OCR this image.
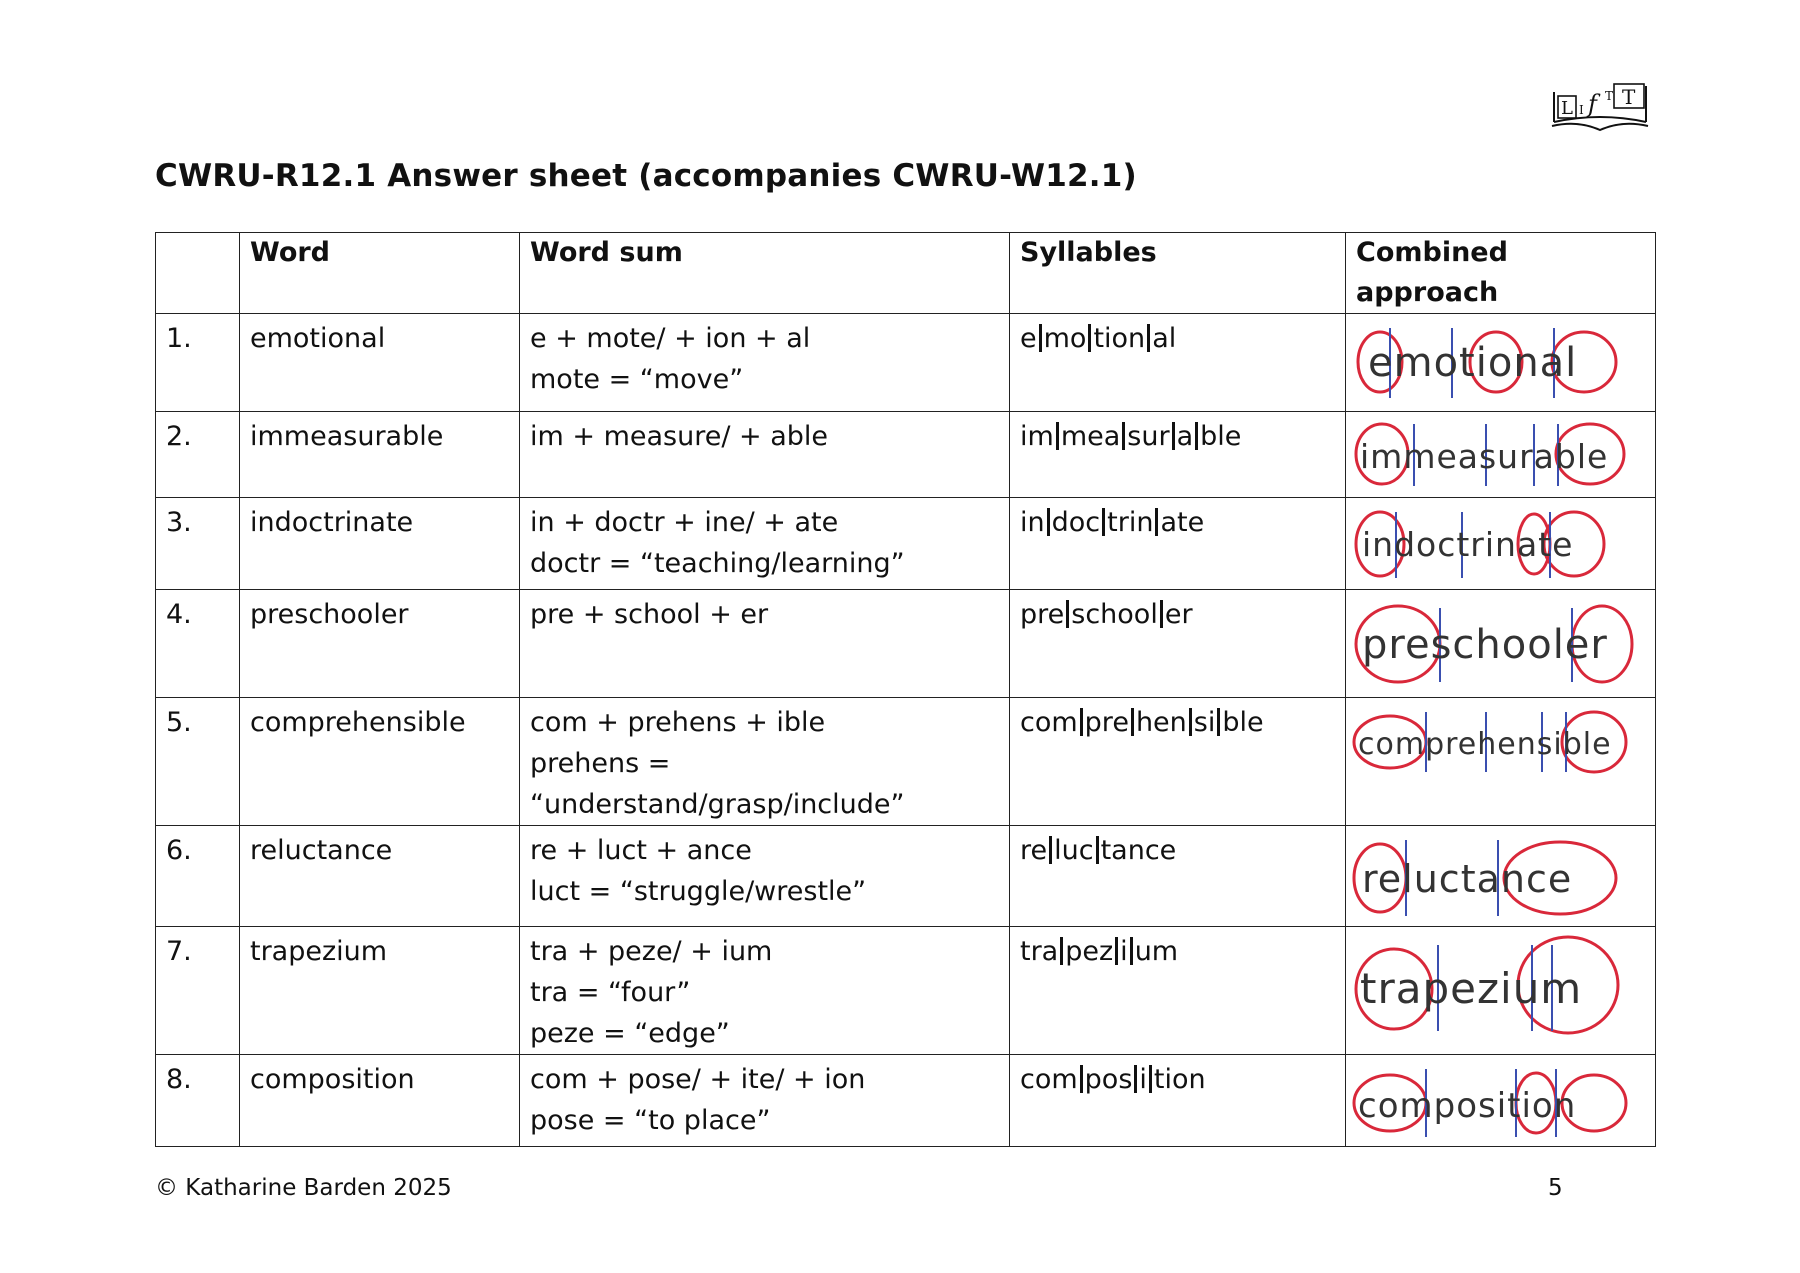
L I f T T
CWRU-R12.1 Answer sheet (accompanies CWRU-W12.1)
	Word	Word sum	Syllables	Combined approach
1.	emotional	e + mote/ + ion + al
mote = “move”	e mo tion al	emotional

2.	immeasurable	im + measure/ + able	im mea sur a ble	immeasurable

3.	indoctrinate	in + doctr + ine/ + ate
doctr = “teaching/learning”	in doc trin ate	indoctrinate

4.	preschooler	pre + school + er	pre school er	preschooler

5.	comprehensible	com + prehens + ible
prehens =
“understand/grasp/include”	com pre hen si ble	comprehensible

6.	reluctance	re + luct + ance
luct = “struggle/wrestle”	re luc tance	reluctance

7.	trapezium	tra + peze/ + ium
tra = “four”
peze = “edge”	tra pez i um	trapezium

8.	composition	com + pose/ + ite/ + ion
pose = “to place”	com pos i tion	composition
© Katharine Barden 2025	5
